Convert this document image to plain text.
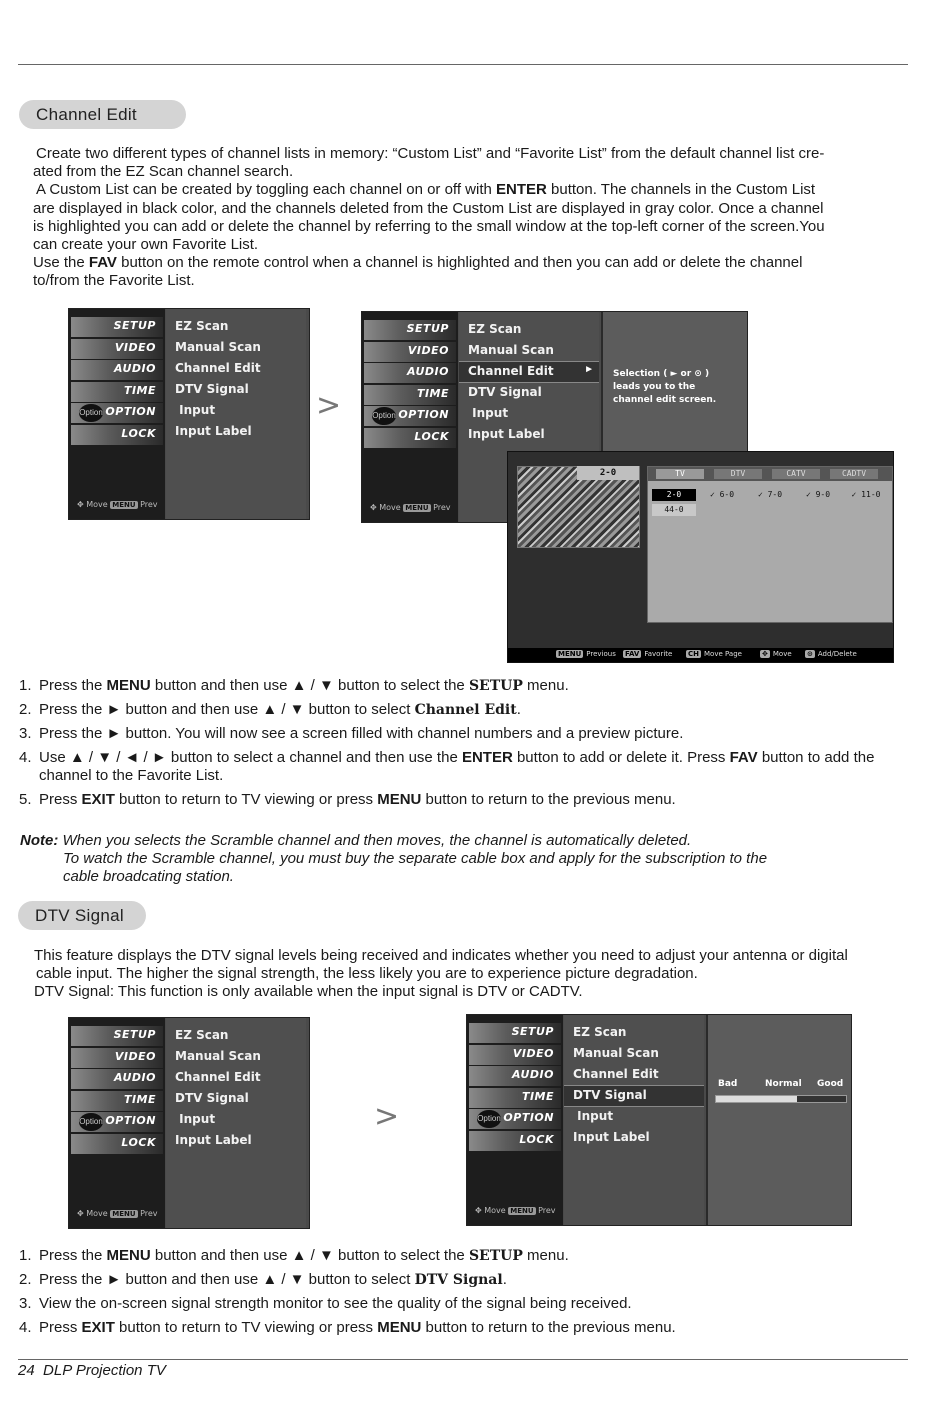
Channel Edit

Create two different types of channel lists in memory: “Custom List” and “Favorite List” from the default channel list cre-

ated from the EZ Scan channel search.

A Custom List can be created by toggling each channel on or off with ENTER button. The channels in the Custom List

are displayed in black color, and the channels deleted from the Custom List are displayed in gray color. Once a channel

is highlighted you can add or delete the channel by referring to the small window at the top-left corner of the screen.You

can create your own Favorite List.

Use the FAV button on the remote control when a channel is highlighted and then you can add or delete the channel

to/from the Favorite List.

SETUP
VIDEO
AUDIO
TIME
Option OPTION
LOCK
✥ Move MENU Prev
EZ Scan
Manual Scan
Channel Edit
DTV Signal
Input
Input Label
>
SETUP
VIDEO
AUDIO
TIME
Option OPTION
LOCK
✥ Move MENU Prev
EZ Scan
Manual Scan
►
Channel Edit
DTV Signal
Input
Input Label
Selection ( ► or ⊙ ) leads you to the channel edit screen.
2-0	TV	DTV	CATV	CADTV
2-0	✓ 6-0	✓ 7-0	✓ 9-0	✓ 11-0
44-0
MENU Previous FAV Favorite CH Move Page	✥ Move ⊙ Add/Delete
1. Press the MENU button and then use ▲ / ▼ button to select the SETUP menu.
2. Press the ► button and then use ▲ / ▼ button to select Channel Edit.
3. Press the ► button. You will now see a screen filled with channel numbers and a preview picture.
4. Use ▲ / ▼ / ◄ / ► button to select a channel and then use the ENTER button to add or delete it. Press FAV button to add the channel to the Favorite List.
5. Press EXIT button to return to TV viewing or press MENU button to return to the previous menu.
Note: When you selects the Scramble channel and then moves, the channel is automatically deleted.
To watch the Scramble channel, you must buy the separate cable box and apply for the subscription to the
cable broadcating station.
DTV Signal

This feature displays the DTV signal levels being received and indicates whether you need to adjust your antenna or digital

cable input. The higher the signal strength, the less likely you are to experience picture degradation.

DTV Signal: This function is only available when the input signal is DTV or CADTV.

SETUP
VIDEO
AUDIO
TIME
Option OPTION
LOCK
✥ Move MENU Prev
EZ Scan
Manual Scan
Channel Edit
DTV Signal
Input
Input Label
>
SETUP
VIDEO
AUDIO
TIME
Option OPTION
LOCK
✥ Move MENU Prev
EZ Scan
Manual Scan
Channel Edit
DTV Signal
Input
Input Label
Bad	Normal Good
1. Press the MENU button and then use ▲ / ▼ button to select the SETUP menu.
2. Press the ► button and then use ▲ / ▼ button to select DTV Signal.
3. View the on-screen signal strength monitor to see the quality of the signal being received.
4. Press EXIT button to return to TV viewing or press MENU button to return to the previous menu.
24 DLP Projection TV
